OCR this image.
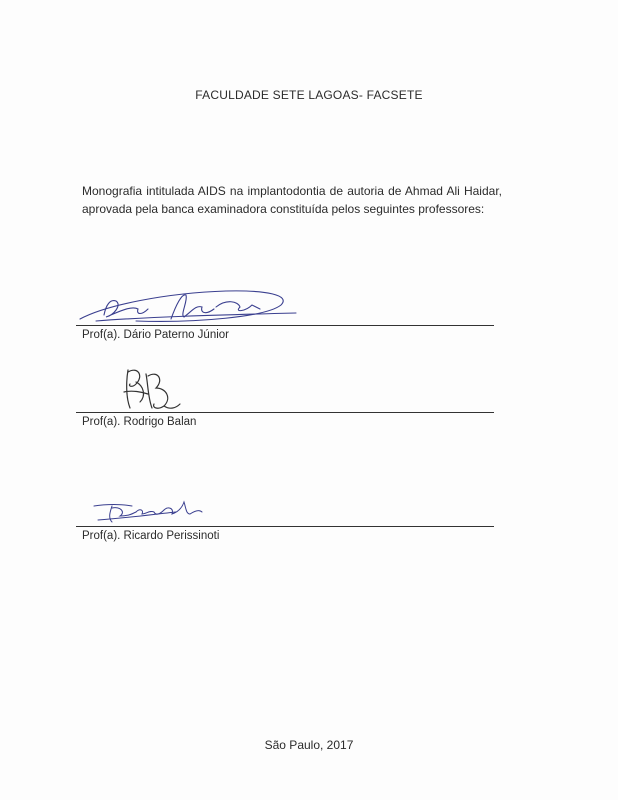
FACULDADE SETE LAGOAS- FACSETE
Monografia intitulada AIDS na implantodontia de autoria de Ahmad Ali Haidar, aprovada pela banca examinadora constituída pelos seguintes professores:
Prof(a). Dário Paterno Júnior
Prof(a). Rodrigo Balan
Prof(a). Ricardo Perissinoti
São Paulo, 2017
